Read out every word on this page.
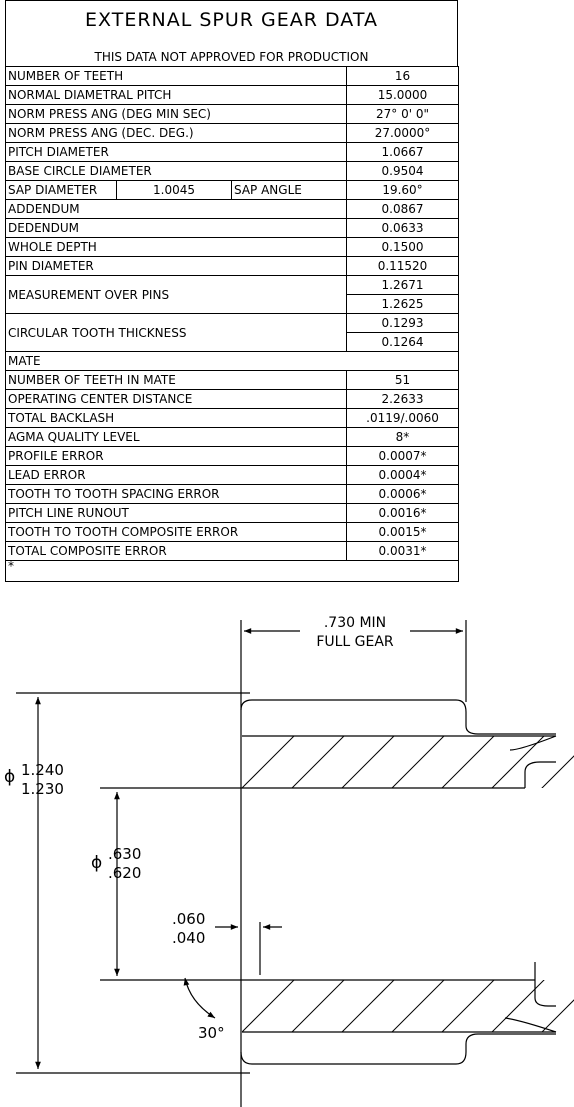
EXTERNAL SPUR GEAR DATA
THIS DATA NOT APPROVED FOR PRODUCTION
NUMBER OF TEETH			16
NORMAL DIAMETRAL PITCH			15.0000
NORM PRESS ANG (DEG MIN SEC)			27° 0' 0"
NORM PRESS ANG (DEC. DEG.)			27.0000°
PITCH DIAMETER			1.0667
BASE CIRCLE DIAMETER			0.9504
SAP DIAMETER	1.0045	SAP ANGLE	19.60°
ADDENDUM			0.0867
DEDENDUM			0.0633
WHOLE DEPTH			0.1500
PIN DIAMETER			0.11520
MEASUREMENT OVER PINS			1.2671
			1.2625
CIRCULAR TOOTH THICKNESS			0.1293
			0.1264
MATE			
NUMBER OF TEETH IN MATE			51
OPERATING CENTER DISTANCE			2.2633
TOTAL BACKLASH			.0119/.0060
AGMA QUALITY LEVEL			8*
PROFILE ERROR			0.0007*
LEAD ERROR			0.0004*
TOOTH TO TOOTH SPACING ERROR			0.0006*
PITCH LINE RUNOUT			0.0016*
TOOTH TO TOOTH COMPOSITE ERROR			0.0015*
TOTAL COMPOSITE ERROR			0.0031*
*			
.730 MIN
FULL GEAR
ϕ 1.240
1.230
ϕ .630
.620
.060
.040
30°
